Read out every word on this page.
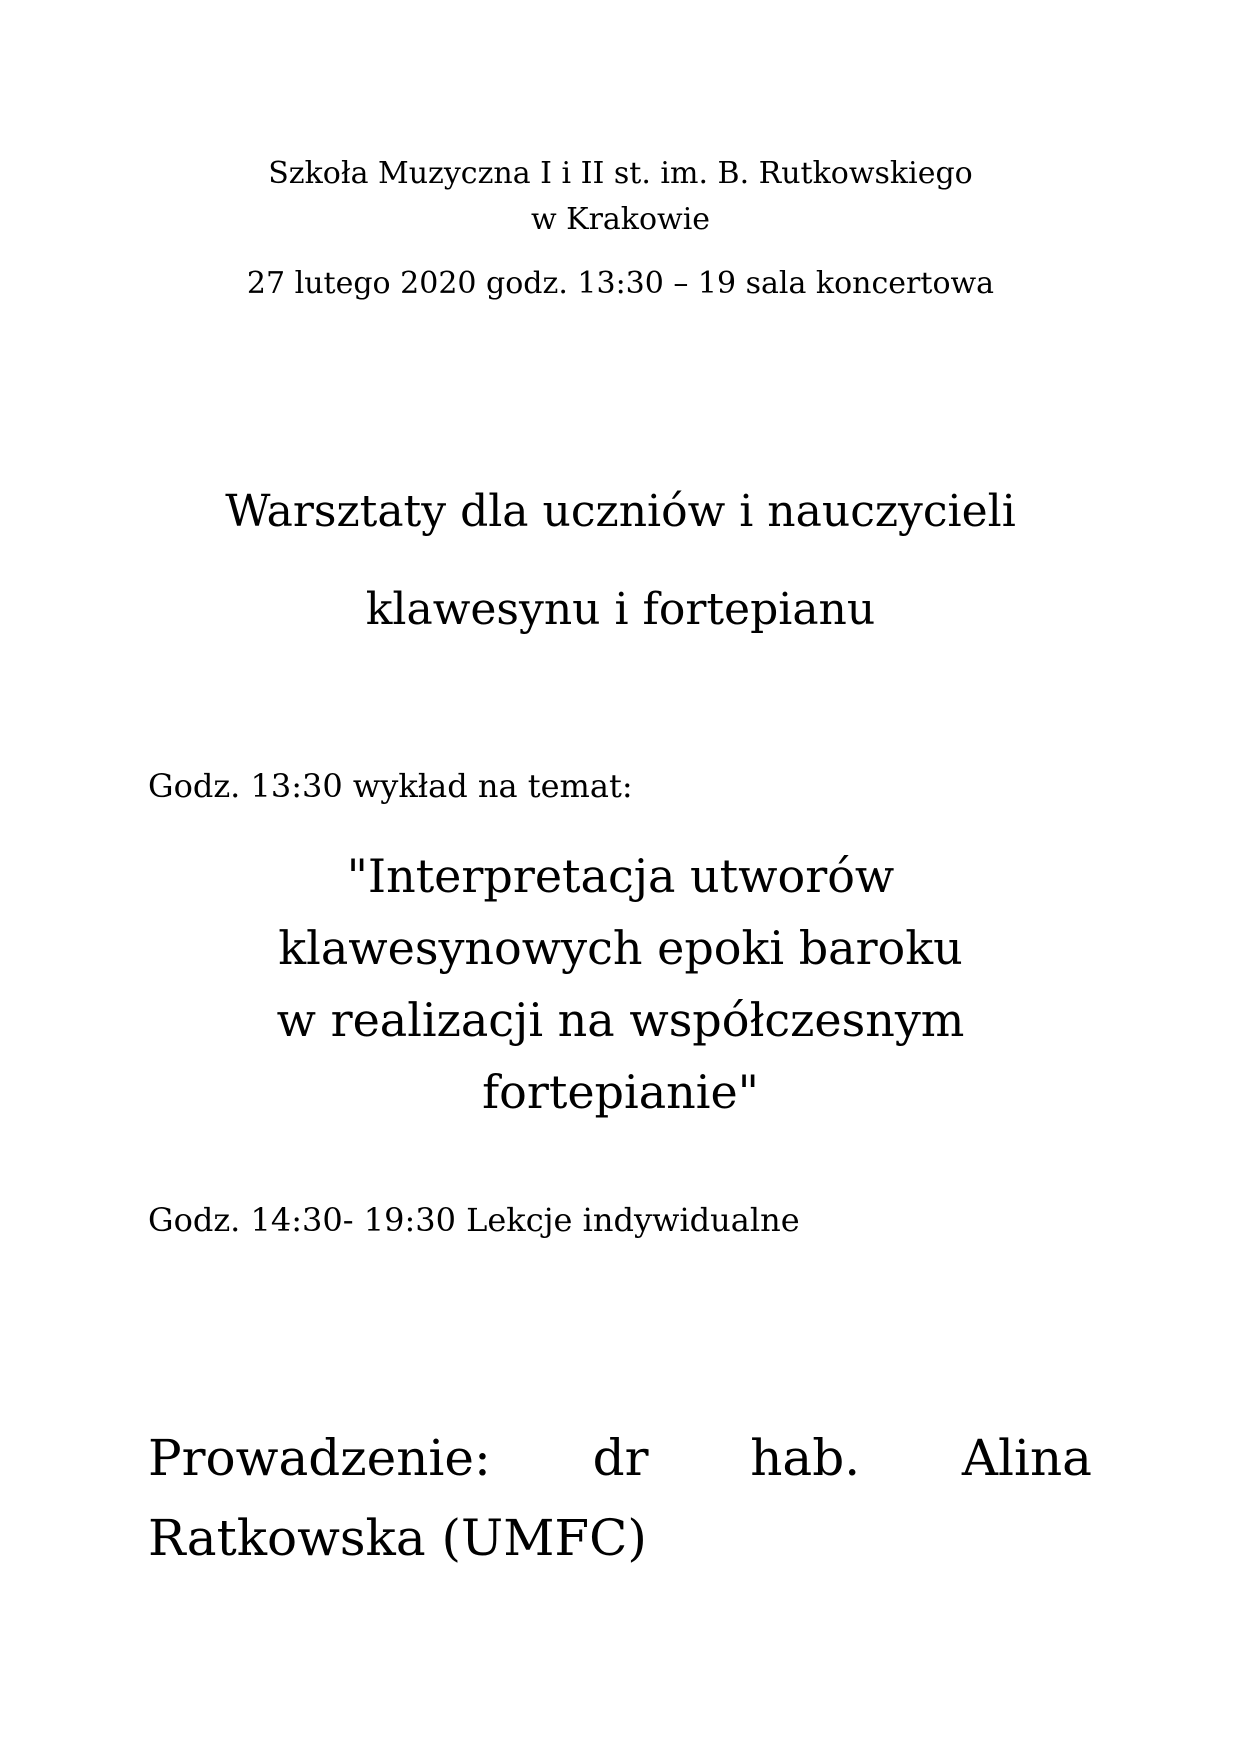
Szkoła Muzyczna I i II st. im. B. Rutkowskiego
w Krakowie
27 lutego 2020 godz. 13:30 – 19 sala koncertowa
Warsztaty dla uczniów i nauczycieli
klawesynu i fortepianu
Godz. 13:30 wykład na temat:
"Interpretacja utworów
klawesynowych epoki baroku
w realizacji na współczesnym
fortepianie"
Godz. 14:30- 19:30 Lekcje indywidualne
Prowadzenie: dr hab. Alina
Ratkowska (UMFC)
